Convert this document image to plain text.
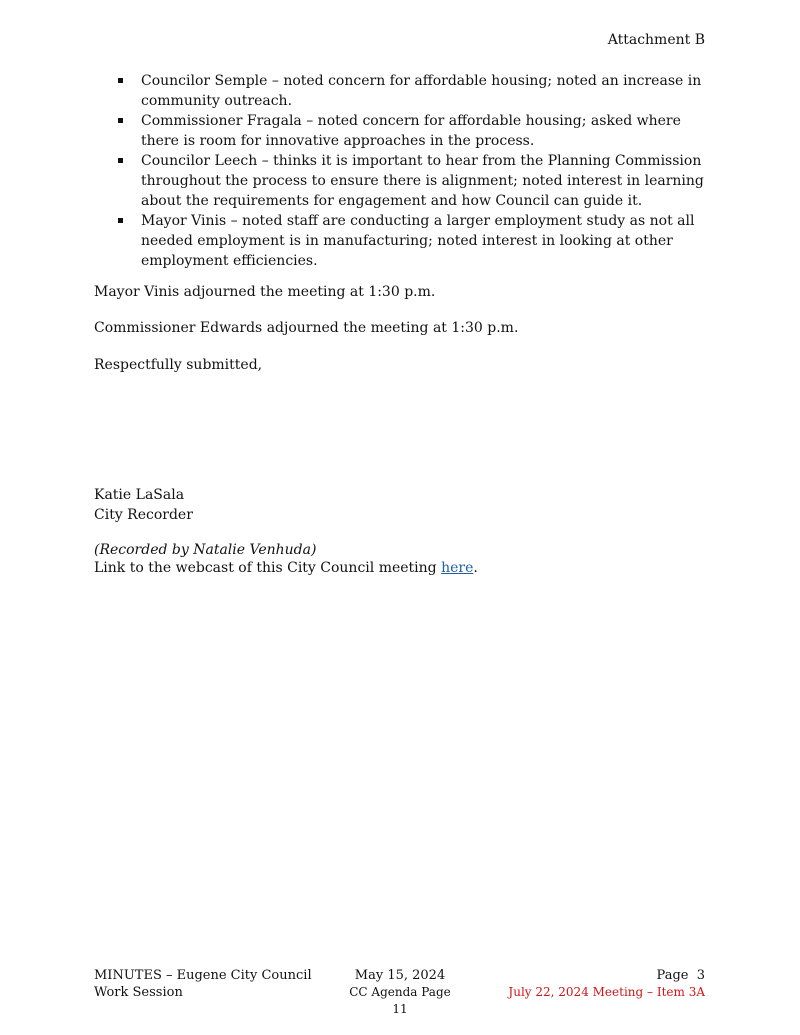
Attachment B
Councilor Semple – noted concern for affordable housing; noted an increase in community outreach.
Commissioner Fragala – noted concern for affordable housing; asked where there is room for innovative approaches in the process.
Councilor Leech – thinks it is important to hear from the Planning Commission throughout the process to ensure there is alignment; noted interest in learning about the requirements for engagement and how Council can guide it.
Mayor Vinis – noted staff are conducting a larger employment study as not all needed employment is in manufacturing; noted interest in looking at other employment efficiencies.
Mayor Vinis adjourned the meeting at 1:30 p.m.
Commissioner Edwards adjourned the meeting at 1:30 p.m.
Respectfully submitted,
Katie LaSala
City Recorder
(Recorded by Natalie Venhuda)
Link to the webcast of this City Council meeting here.
MINUTES – Eugene City Council
Work Session
May 15, 2024
CC Agenda Page 11
Page  3
July 22, 2024 Meeting – Item 3A
